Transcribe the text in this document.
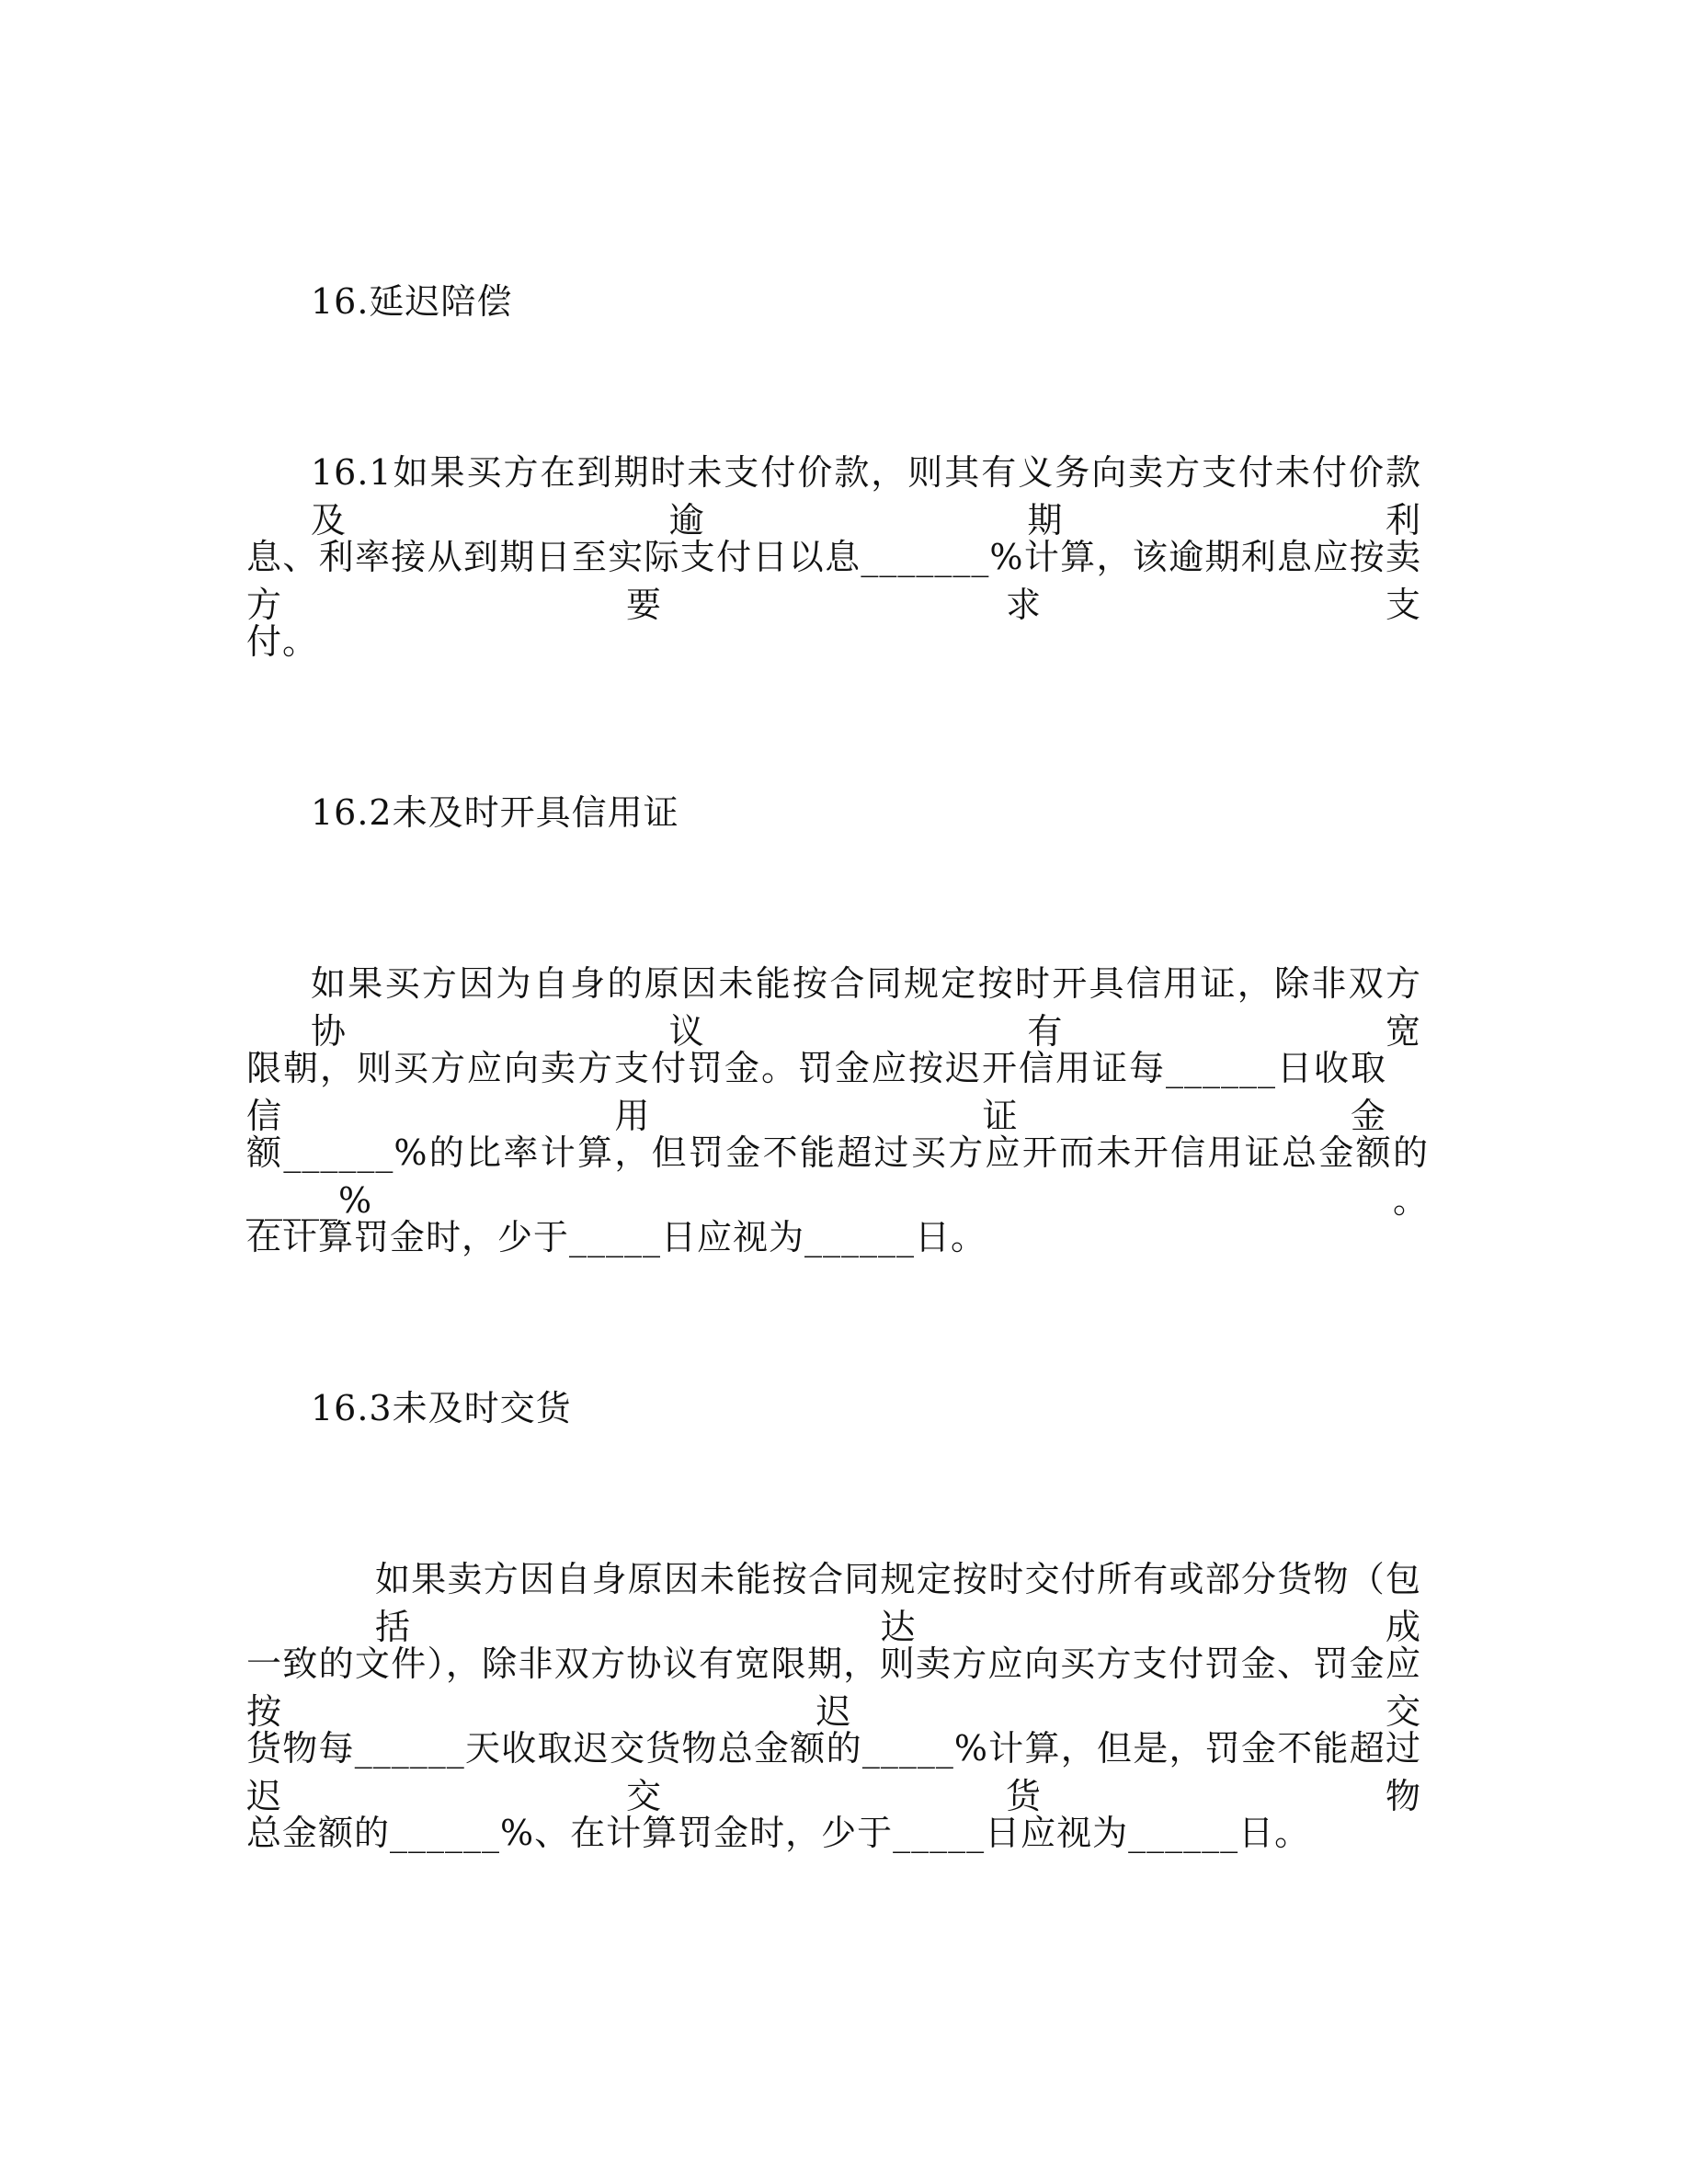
16.延迟陪偿
16.1如果买方在到期时未支付价款，则其有义务向卖方支付未付价款及逾期利
息、利率接从到期日至实际支付日以息_______%计算，该逾期利息应按卖方要求支
付。
16.2未及时开具信用证
如果买方因为自身的原因未能按合同规定按时开具信用证，除非双方协议有宽
限朝，则买方应向卖方支付罚金。罚金应按迟开信用证每______日收取信用证金
额______%的比率计算，但罚金不能超过买方应开而未开信用证总金额的_____%。
在计算罚金时，少于_____日应视为______日。
16.3未及时交货
如果卖方因自身原因未能按合同规定按时交付所有或部分货物（包括达成
一致的文件），除非双方协议有宽限期，则卖方应向买方支付罚金、罚金应按迟交
货物每______天收取迟交货物总金额的_____%计算，但是，罚金不能超过迟交货物
总金额的______%、在计算罚金时，少于_____日应视为______日。
